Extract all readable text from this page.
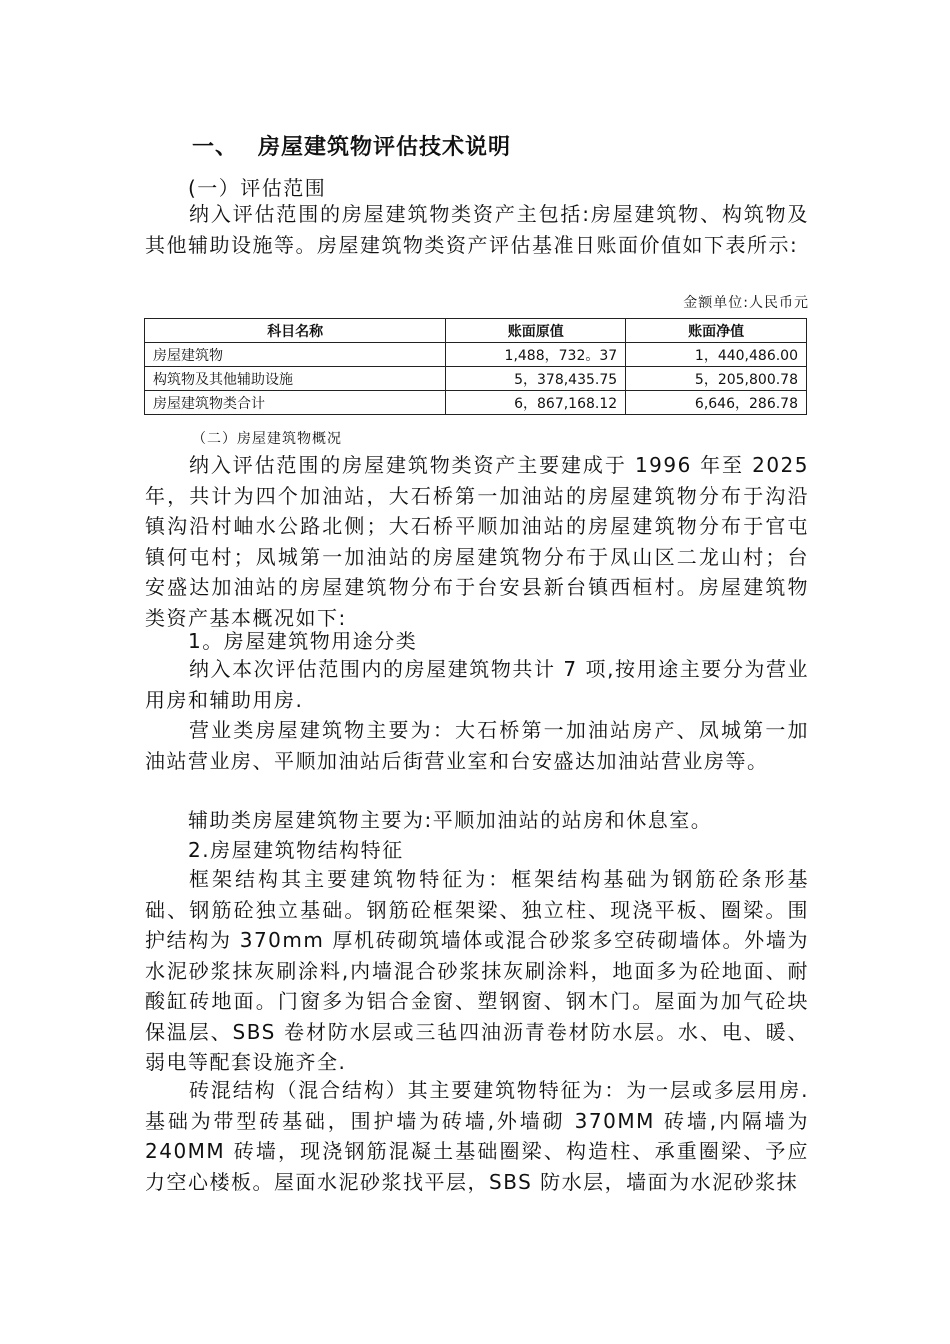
一、 房屋建筑物评估技术说明
(一）评估范围
纳入评估范围的房屋建筑物类资产主包括:房屋建筑物、构筑物及其他辅助设施等。房屋建筑物类资产评估基准日账面价值如下表所示:
金额单位:人民币元
科目名称	账面原值	账面净值
房屋建筑物	1,488，732。37	1，440,486.00
构筑物及其他辅助设施	5，378,435.75	5，205,800.78
房屋建筑物类合计	6，867,168.12	6,646，286.78
（二）房屋建筑物概况
纳入评估范围的房屋建筑物类资产主要建成于 1996 年至 2025 年，共计为四个加油站，大石桥第一加油站的房屋建筑物分布于沟沿镇沟沿村岫水公路北侧；大石桥平顺加油站的房屋建筑物分布于官屯镇何屯村；凤城第一加油站的房屋建筑物分布于凤山区二龙山村；台安盛达加油站的房屋建筑物分布于台安县新台镇西桓村。房屋建筑物类资产基本概况如下:
1。房屋建筑物用途分类
纳入本次评估范围内的房屋建筑物共计 7 项,按用途主要分为营业用房和辅助用房.
营业类房屋建筑物主要为：大石桥第一加油站房产、凤城第一加油站营业房、平顺加油站后街营业室和台安盛达加油站营业房等。
辅助类房屋建筑物主要为:平顺加油站的站房和休息室。
2.房屋建筑物结构特征
框架结构其主要建筑物特征为：框架结构基础为钢筋砼条形基础、钢筋砼独立基础。钢筋砼框架梁、独立柱、现浇平板、圈梁。围护结构为 370mm 厚机砖砌筑墙体或混合砂浆多空砖砌墙体。外墙为水泥砂浆抹灰刷涂料,内墙混合砂浆抹灰刷涂料，地面多为砼地面、耐酸缸砖地面。门窗多为铝合金窗、塑钢窗、钢木门。屋面为加气砼块保温层、SBS 卷材防水层或三毡四油沥青卷材防水层。水、电、暖、弱电等配套设施齐全.
砖混结构（混合结构）其主要建筑物特征为：为一层或多层用房.基础为带型砖基础，围护墙为砖墙,外墙砌 370MM 砖墙,内隔墙为 240MM 砖墙，现浇钢筋混凝土基础圈梁、构造柱、承重圈梁、予应力空心楼板。屋面水泥砂浆找平层，SBS 防水层，墙面为水泥砂浆抹
